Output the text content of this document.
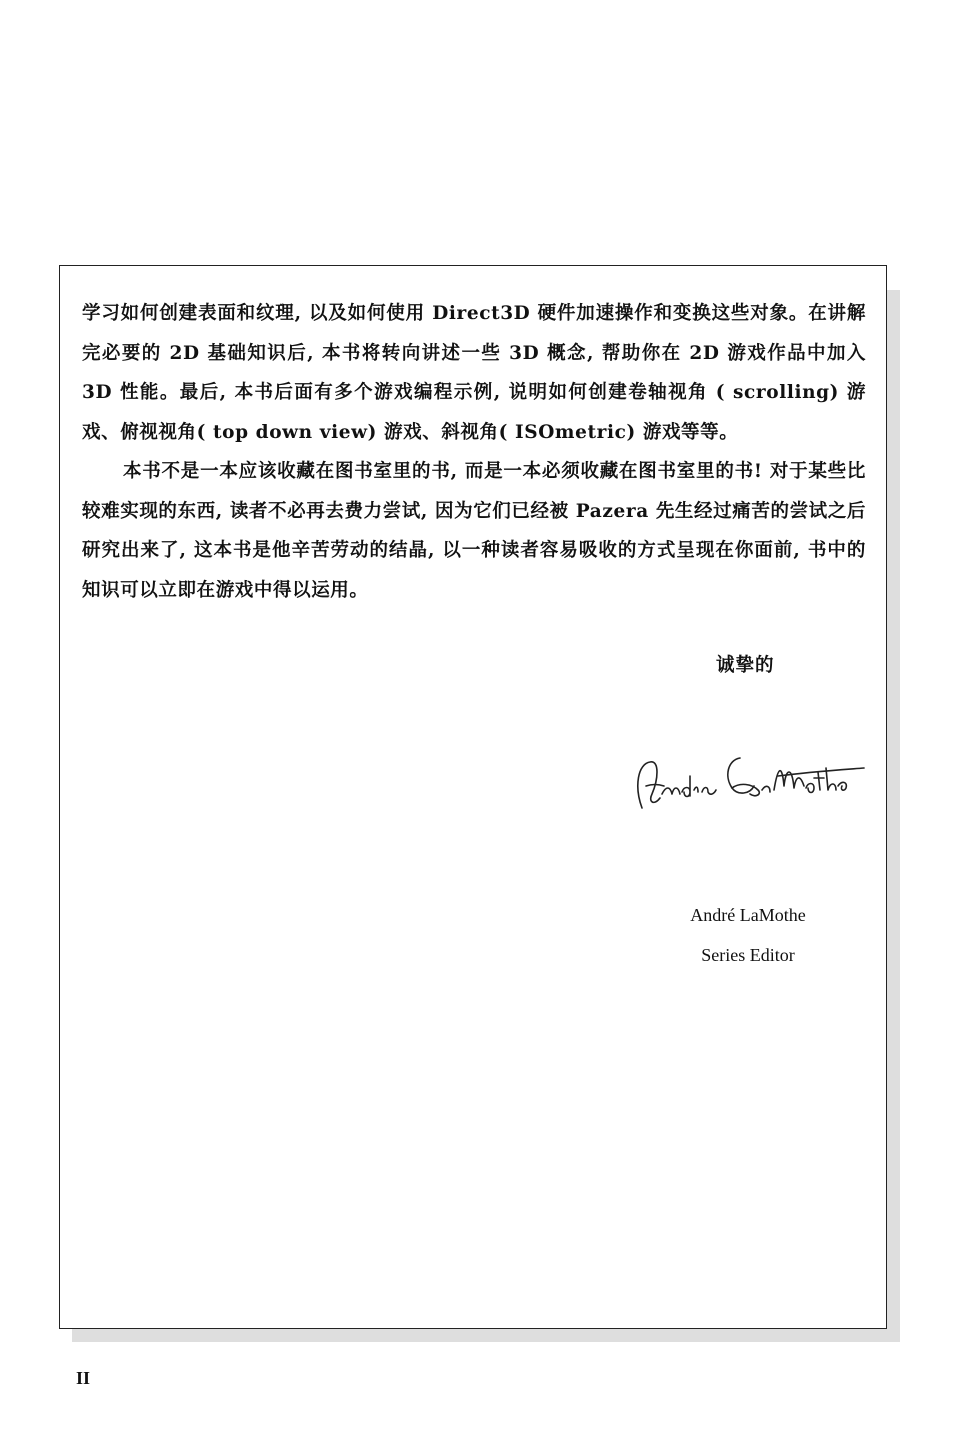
学习如何创建表面和纹理, 以及如何使用 Direct3D 硬件加速操作和变换这些对象。在讲解完必要的 2D 基础知识后, 本书将转向讲述一些 3D 概念, 帮助你在 2D 游戏作品中加入 3D 性能。最后, 本书后面有多个游戏编程示例, 说明如何创建卷轴视角 ( scrolling) 游戏、俯视视角( top down view) 游戏、斜视角( ISOmetric) 游戏等等。

本书不是一本应该收藏在图书室里的书, 而是一本必须收藏在图书室里的书! 对于某些比较难实现的东西, 读者不必再去费力尝试, 因为它们已经被 Pazera 先生经过痛苦的尝试之后研究出来了, 这本书是他辛苦劳动的结晶, 以一种读者容易吸收的方式呈现在你面前, 书中的知识可以立即在游戏中得以运用。

诚挚的
André LaMothe
Series Editor
II
